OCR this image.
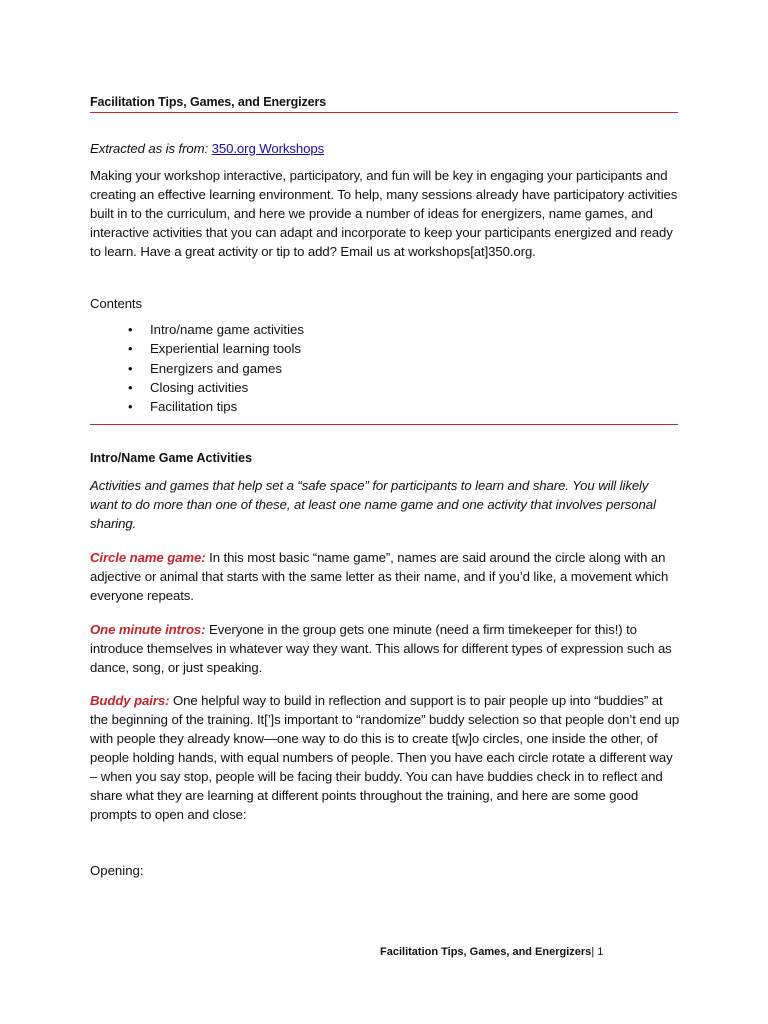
Facilitation Tips, Games, and Energizers
Extracted as is from: 350.org Workshops
Making your workshop interactive, participatory, and fun will be key in engaging your participants and creating an effective learning environment. To help, many sessions already have participatory activities built in to the curriculum, and here we provide a number of ideas for energizers, name games, and interactive activities that you can adapt and incorporate to keep your participants energized and ready to learn. Have a great activity or tip to add? Email us at workshops[at]350.org.
Contents
• Intro/name game activities
• Experiential learning tools
• Energizers and games
• Closing activities
• Facilitation tips
Intro/Name Game Activities
Activities and games that help set a “safe space” for participants to learn and share. You will likely want to do more than one of these, at least one name game and one activity that involves personal sharing.
Circle name game: In this most basic “name game”, names are said around the circle along with an adjective or animal that starts with the same letter as their name, and if you’d like, a movement which everyone repeats.
One minute intros: Everyone in the group gets one minute (need a firm timekeeper for this!) to introduce themselves in whatever way they want. This allows for different types of expression such as dance, song, or just speaking.
Buddy pairs: One helpful way to build in reflection and support is to pair people up into “buddies” at the beginning of the training. It[’]s important to “randomize” buddy selection so that people don’t end up with people they already know—one way to do this is to create t[w]o circles, one inside the other, of people holding hands, with equal numbers of people. Then you have each circle rotate a different way – when you say stop, people will be facing their buddy. You can have buddies check in to reflect and share what they are learning at different points throughout the training, and here are some good prompts to open and close:
Opening:
Facilitation Tips, Games, and Energizers| 1
